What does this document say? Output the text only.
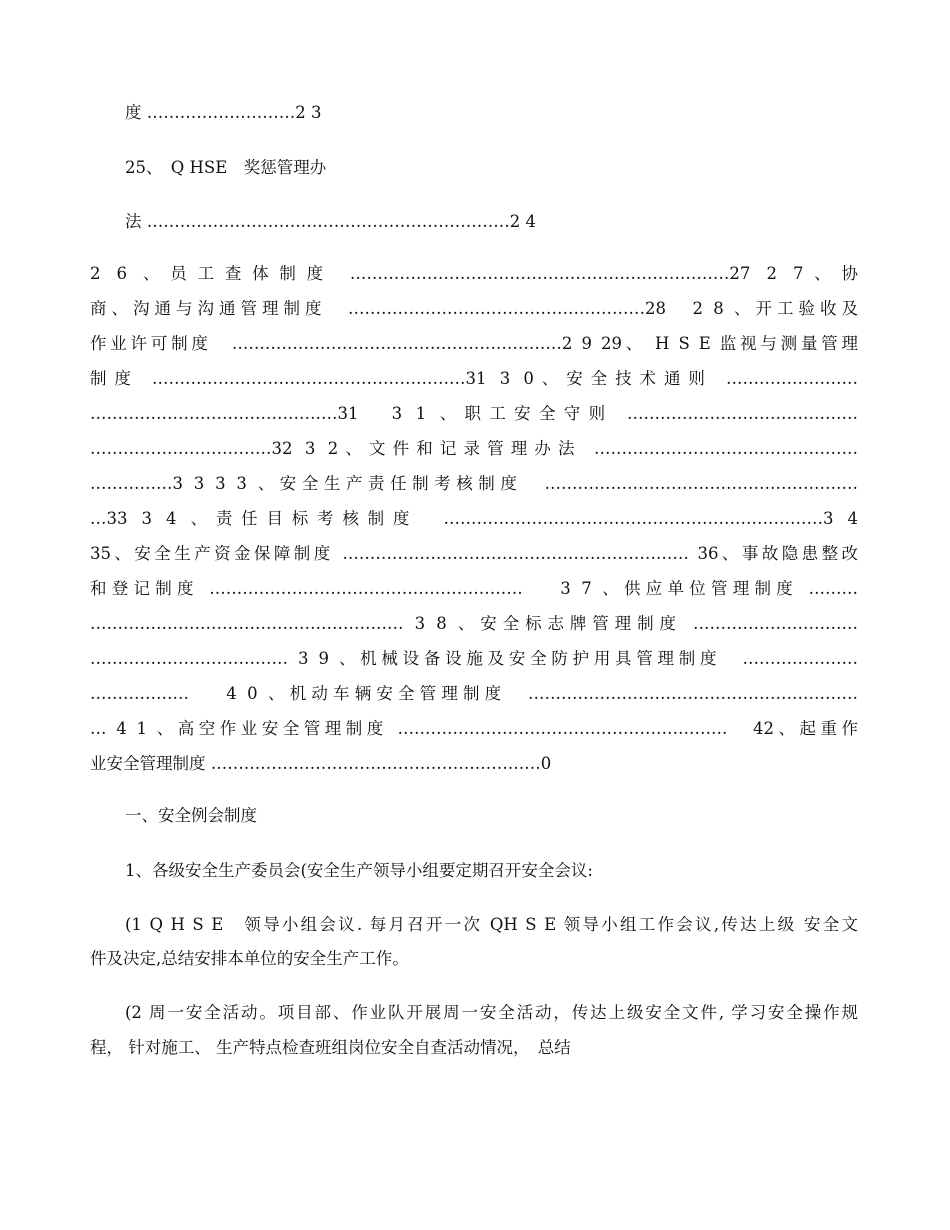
度 ………………………2 3

25、　Q HSE　奖惩管理办

法 …………………………………………………………2 4

2 6 、员工查体制度 ……………………………………………………………27 2 7、协

商、沟通与沟通管理制度　………………………………………………28　2 8 、开工验收及

作业许可制度　……………………………………………………2 9 29、 H S E 监视与测量管理

制度 …………………………………………………31 3 0、安全技术通则 ……………………

………………………………………31　3 1 、职工安全守则 ……………………………………

……………………………32 3 2、文件和记录管理办法 …………………………………………

……………3 3 3 3 、安全生产责任制考核制度　…………………………………………………

…33 3 4 、责任目标考核制度　……………………………………………………………3 4

35、安全生产资金保障制度 ……………………………………………………… 36、事故隐患整改

和登记制度 …………………………………………………　 3 7 、供应单位管理制度 ………

………………………………………………… 3 8 、安全标志牌管理制度 …………………………

……………………………… 3 9 、机械设备设施及安全防护用具管理制度　…………………

………………　 4 0 、机动车辆安全管理制度　……………………………………………………

… 4 1 、高空作业安全管理制度 ……………………………………………………　42、起重作

业安全管理制度 ……………………………………………………0

一、安全例会制度

1、各级安全生产委员会(安全生产领导小组要定期召开安全会议:

(1 Q H S E　领导小组会议. 每月召开一次 QH S E 领导小组工作会议,传达上级 安全文

件及决定,总结安排本单位的安全生产工作。

(2 周一安全活动。项目部、作业队开展周一安全活动，传达上级安全文件, 学习安全操作规

程， 针对施工、 生产特点检查班组岗位安全自查活动情况，　总结
